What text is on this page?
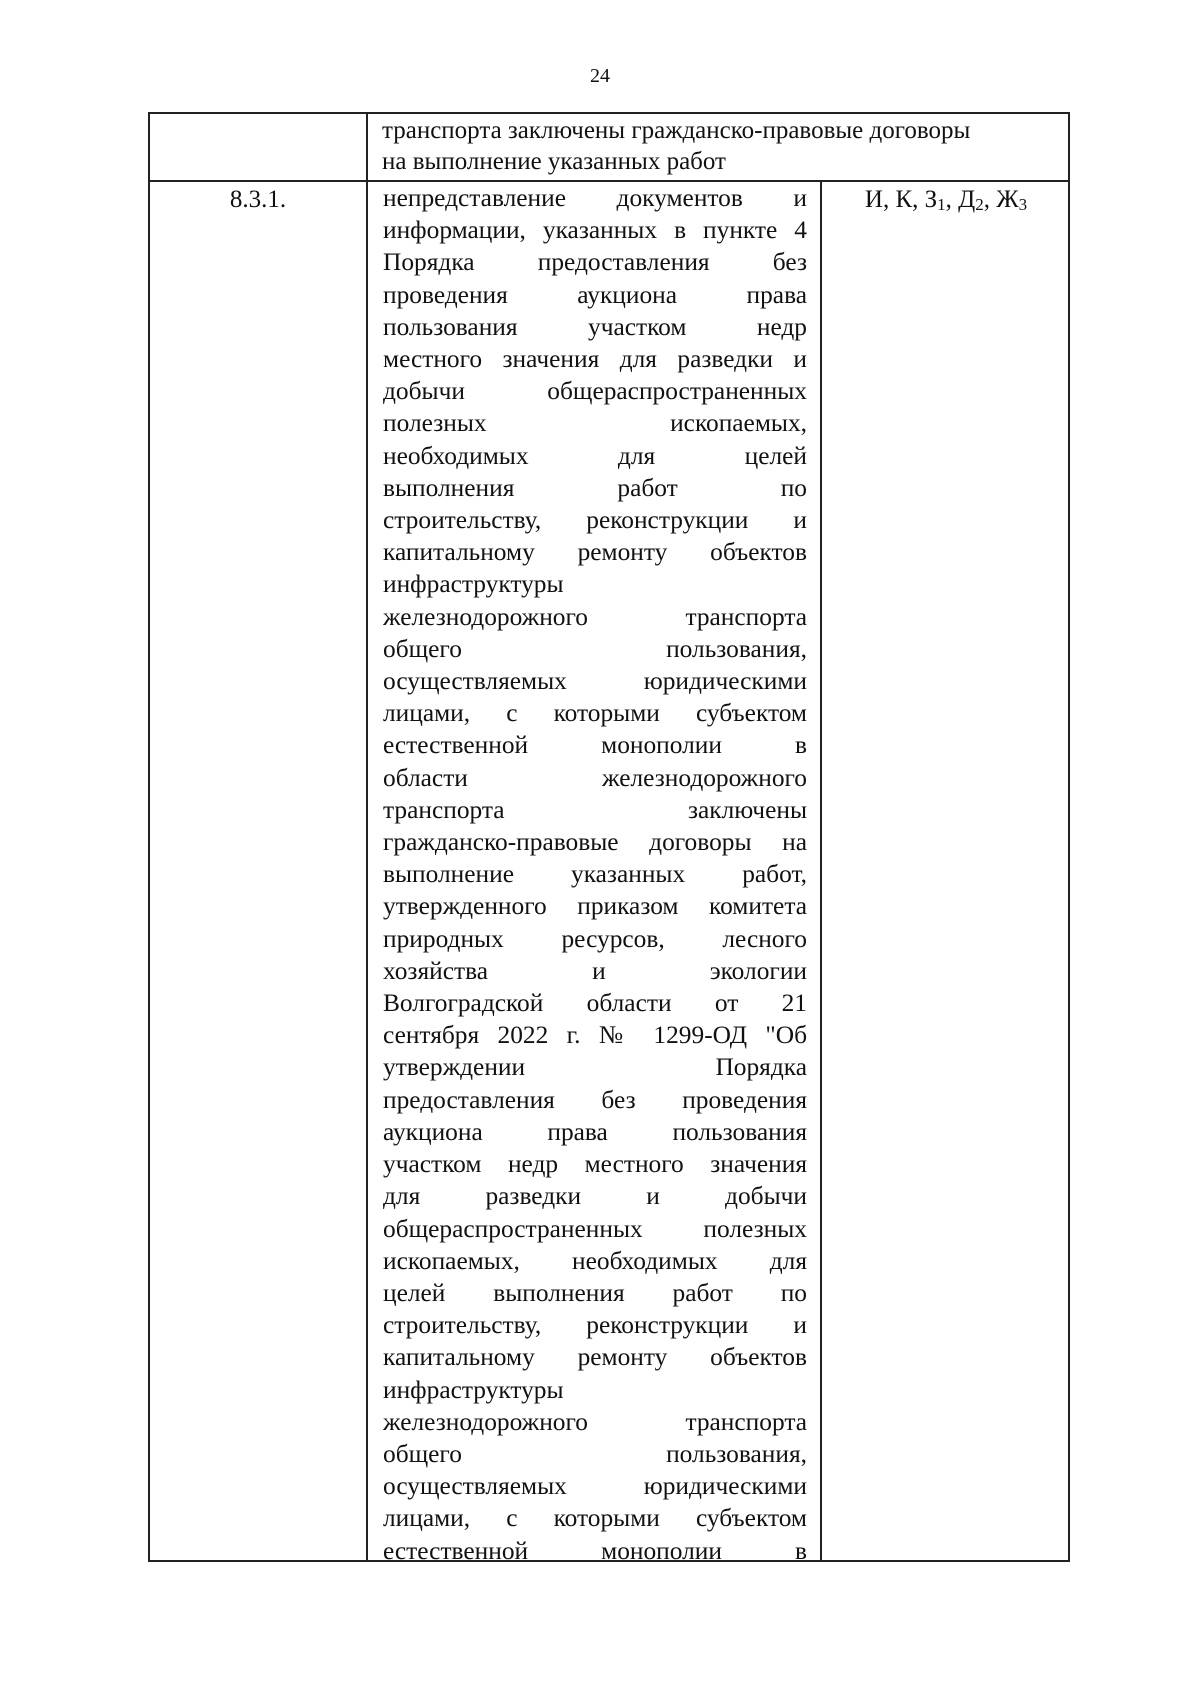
24
транспорта заключены гражданско-правовые договоры
на выполнение указанных работ
8.3.1.	непредставление документов и
информации, указанных в пункте 4
Порядка предоставления без
проведения аукциона права
пользования участком недр
местного значения для разведки и
добычи общераспространенных
полезных ископаемых,
необходимых для целей
выполнения работ по
строительству, реконструкции и
капитальному ремонту объектов
инфраструктуры
железнодорожного транспорта
общего пользования,
осуществляемых юридическими
лицами, с которыми субъектом
естественной монополии в
области железнодорожного
транспорта заключены
гражданско-правовые договоры на
выполнение указанных работ,
утвержденного приказом комитета
природных ресурсов, лесного
хозяйства и экологии
Волгоградской области от 21
сентября 2022 г. № 1299-ОД "Об
утверждении Порядка
предоставления без проведения
аукциона права пользования
участком недр местного значения
для разведки и добычи
общераспространенных полезных
ископаемых, необходимых для
целей выполнения работ по
строительству, реконструкции и
капитальному ремонту объектов
инфраструктуры
железнодорожного транспорта
общего пользования,
осуществляемых юридическими
лицами, с которыми субъектом
естественной монополии в
И, К, $З_1$, $Д_2$, $Ж_3$
